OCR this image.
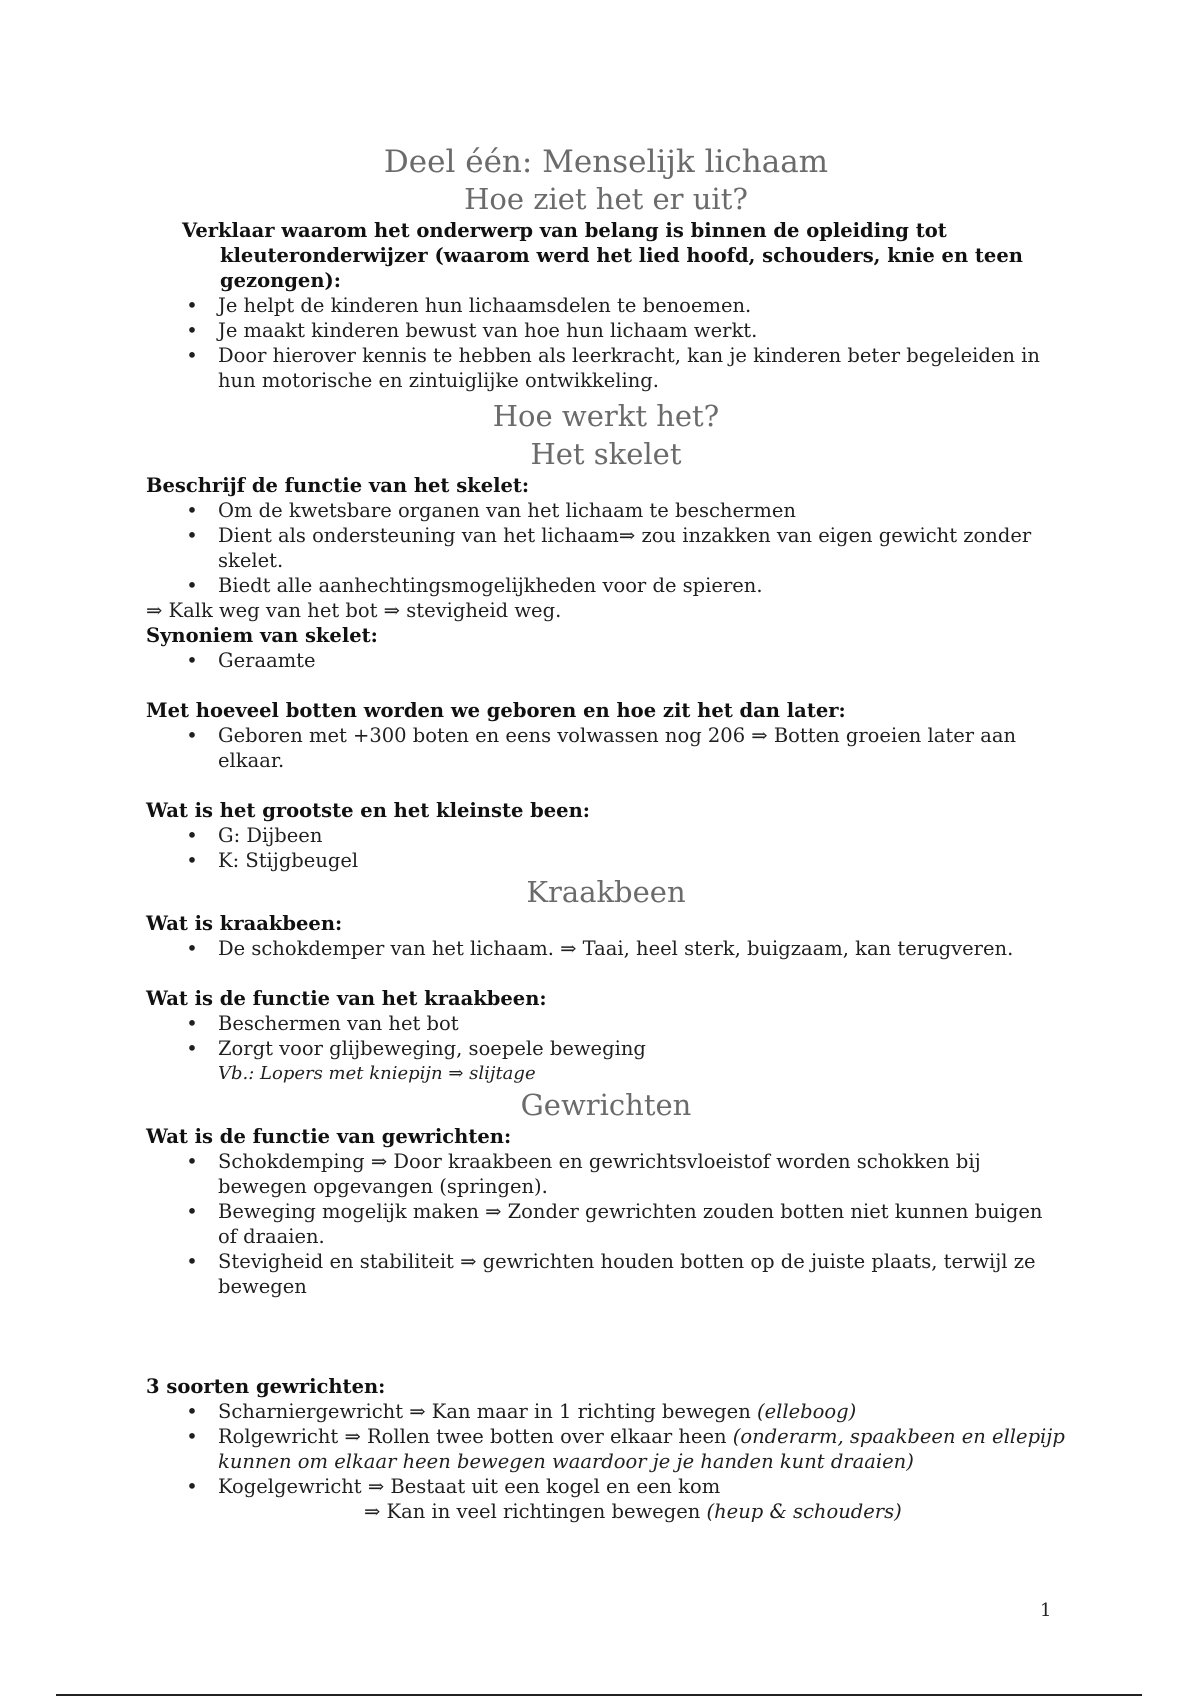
Deel één: Menselijk lichaam

Hoe ziet het er uit?

Verklaar waarom het onderwerp van belang is binnen de opleiding tot
kleuteronderwijzer (waarom werd het lied hoofd, schouders, knie en teen
gezongen):

• Je helpt de kinderen hun lichaamsdelen te benoemen.
• Je maakt kinderen bewust van hoe hun lichaam werkt.
• Door hierover kennis te hebben als leerkracht, kan je kinderen beter begeleiden in hun motorische en zintuiglijke ontwikkeling.

Hoe werkt het?

Het skelet

Beschrijf de functie van het skelet:

• Om de kwetsbare organen van het lichaam te beschermen
• Dient als ondersteuning van het lichaam⇒ zou inzakken van eigen gewicht zonder skelet.
• Biedt alle aanhechtingsmogelijkheden voor de spieren.

⇒ Kalk weg van het bot ⇒ stevigheid weg.

Synoniem van skelet:

• Geraamte

Met hoeveel botten worden we geboren en hoe zit het dan later:

• Geboren met +300 boten en eens volwassen nog 206 ⇒ Botten groeien later aan elkaar.

Wat is het grootste en het kleinste been:

• G: Dijbeen
• K: Stijgbeugel

Kraakbeen

Wat is kraakbeen:

• De schokdemper van het lichaam. ⇒ Taai, heel sterk, buigzaam, kan terugveren.

Wat is de functie van het kraakbeen:

• Beschermen van het bot
• Zorgt voor glijbeweging, soepele beweging

Vb.: Lopers met kniepijn ⇒ slijtage

Gewrichten

Wat is de functie van gewrichten:

• Schokdemping ⇒ Door kraakbeen en gewrichtsvloeistof worden schokken bij bewegen opgevangen (springen).
• Beweging mogelijk maken ⇒ Zonder gewrichten zouden botten niet kunnen buigen of draaien.
• Stevigheid en stabiliteit ⇒ gewrichten houden botten op de juiste plaats, terwijl ze bewegen

3 soorten gewrichten:

• Scharniergewricht ⇒ Kan maar in 1 richting bewegen (elleboog)
• Rolgewricht ⇒ Rollen twee botten over elkaar heen (onderarm, spaakbeen en ellepijp kunnen om elkaar heen bewegen waardoor je je handen kunt draaien)
• Kogelgewricht ⇒ Bestaat uit een kogel en een kom

⇒ Kan in veel richtingen bewegen (heup & schouders)

1
